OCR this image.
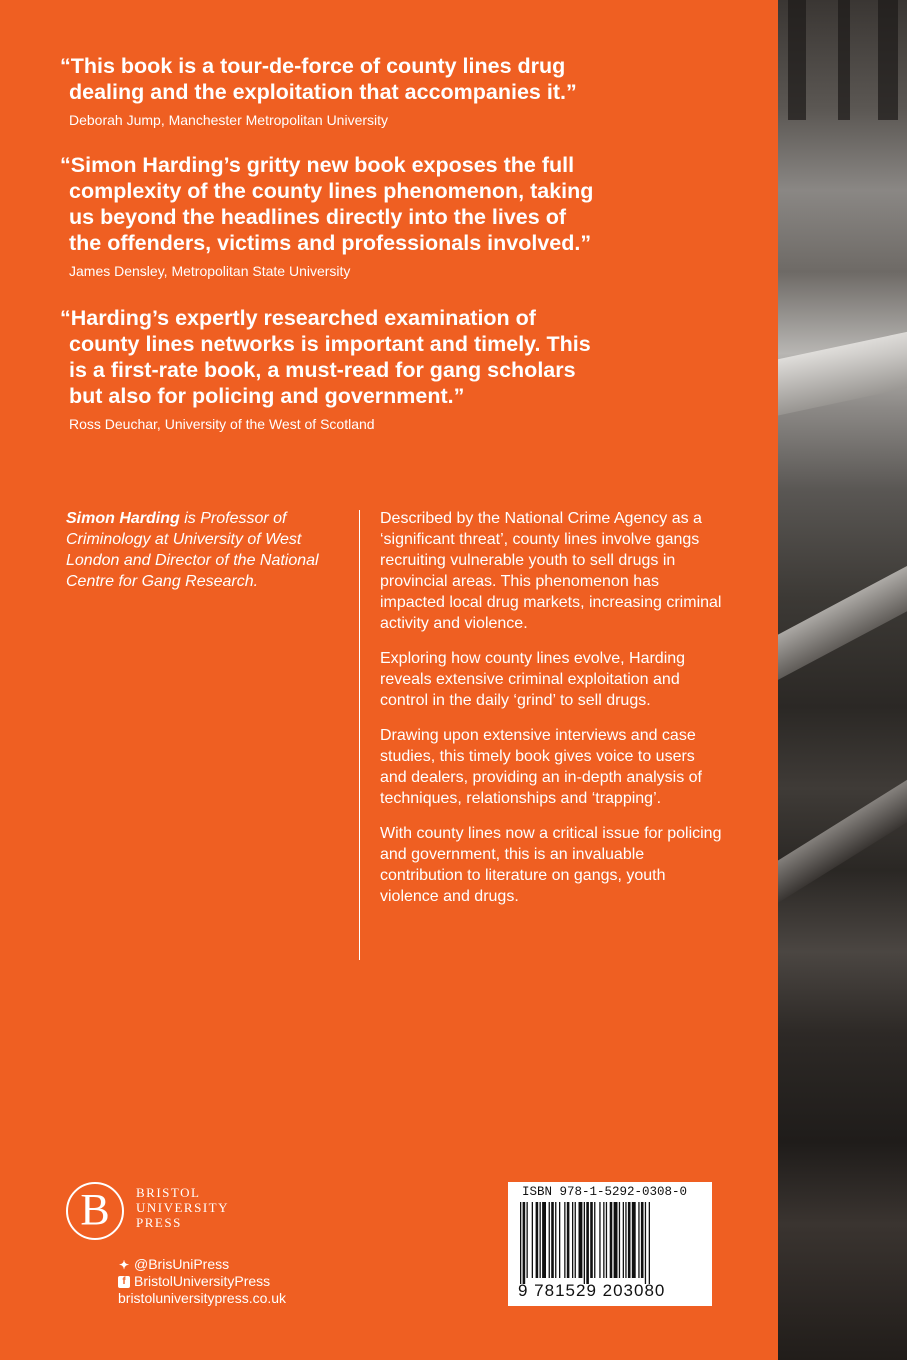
“This book is a tour-de-force of county lines drug
dealing and the exploitation that accompanies it.”

Deborah Jump, Manchester Metropolitan University

“Simon Harding’s gritty new book exposes the full
complexity of the county lines phenomenon, taking
us beyond the headlines directly into the lives of
the offenders, victims and professionals involved.”

James Densley, Metropolitan State University

“Harding’s expertly researched examination of
county lines networks is important and timely. This
is a first-rate book, a must-read for gang scholars
but also for policing and government.”

Ross Deuchar, University of the West of Scotland
Simon Harding is Professor of Criminology at University of West London and Director of the National Centre for Gang Research.

Described by the National Crime Agency as a ‘significant threat’, county lines involve gangs recruiting vulnerable youth to sell drugs in provincial areas. This phenomenon has impacted local drug markets, increasing criminal activity and violence.

Exploring how county lines evolve, Harding reveals extensive criminal exploitation and control in the daily ‘grind’ to sell drugs.

Drawing upon extensive interviews and case studies, this timely book gives voice to users and dealers, providing an in-depth analysis of techniques, relationships and ‘trapping’.

With county lines now a critical issue for policing and government, this is an invaluable contribution to literature on gangs, youth violence and drugs.

B	BRISTOL
UNIVERSITY
PRESS
✦ @BrisUniPress
f BristolUniversityPress
bristoluniversitypress.co.uk
ISBN 978-1-5292-0308-0
9 781529 203080
